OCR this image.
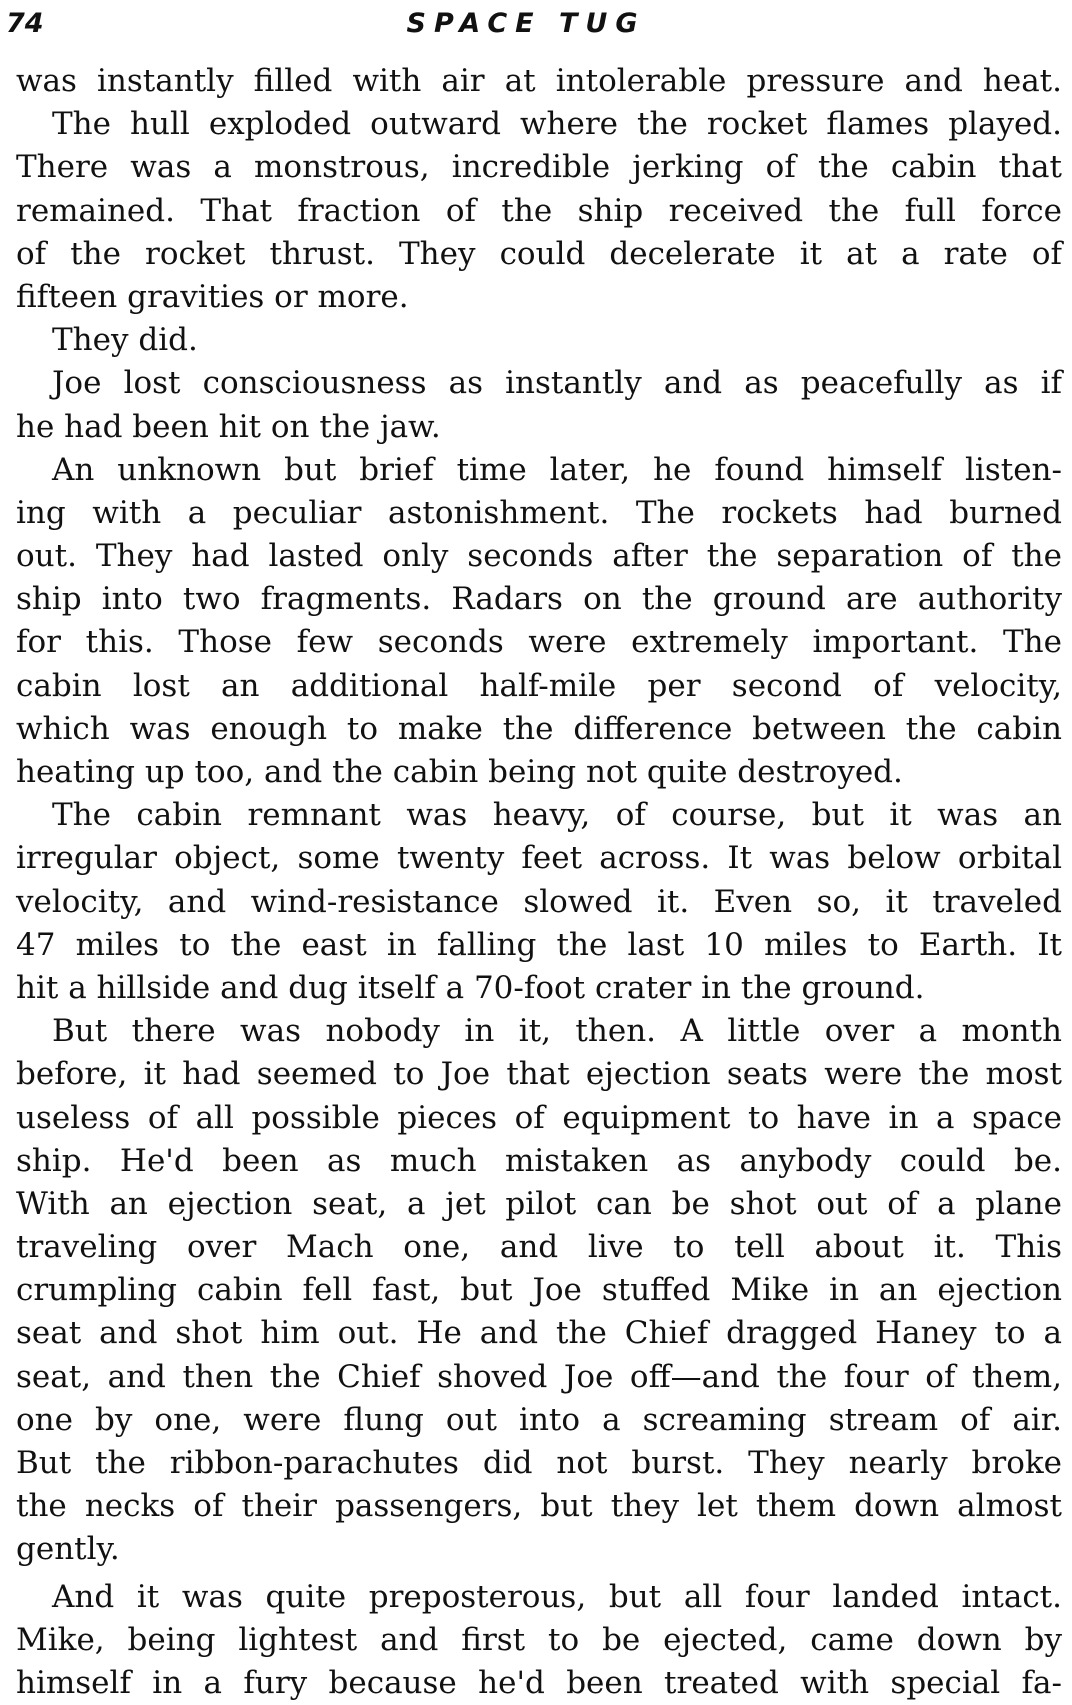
74	SPACE TUG
was instantly filled with air at intolerable pressure and heat.
The hull exploded outward where the rocket flames played.
There was a monstrous, incredible jerking of the cabin that
remained. That fraction of the ship received the full force
of the rocket thrust. They could decelerate it at a rate of
fifteen gravities or more.
They did.
Joe lost consciousness as instantly and as peacefully as if
he had been hit on the jaw.
An unknown but brief time later, he found himself listen-
ing with a peculiar astonishment. The rockets had burned
out. They had lasted only seconds after the separation of the
ship into two fragments. Radars on the ground are authority
for this. Those few seconds were extremely important. The
cabin lost an additional half-mile per second of velocity,
which was enough to make the difference between the cabin
heating up too, and the cabin being not quite destroyed.
The cabin remnant was heavy, of course, but it was an
irregular object, some twenty feet across. It was below orbital
velocity, and wind-resistance slowed it. Even so, it traveled
47 miles to the east in falling the last 10 miles to Earth. It
hit a hillside and dug itself a 70-foot crater in the ground.
But there was nobody in it, then. A little over a month
before, it had seemed to Joe that ejection seats were the most
useless of all possible pieces of equipment to have in a space
ship. He'd been as much mistaken as anybody could be.
With an ejection seat, a jet pilot can be shot out of a plane
traveling over Mach one, and live to tell about it. This
crumpling cabin fell fast, but Joe stuffed Mike in an ejection
seat and shot him out. He and the Chief dragged Haney to a
seat, and then the Chief shoved Joe off—and the four of them,
one by one, were flung out into a screaming stream of air.
But the ribbon-parachutes did not burst. They nearly broke
the necks of their passengers, but they let them down almost
gently.
And it was quite preposterous, but all four landed intact.
Mike, being lightest and first to be ejected, came down by
himself in a fury because he'd been treated with special fa-
